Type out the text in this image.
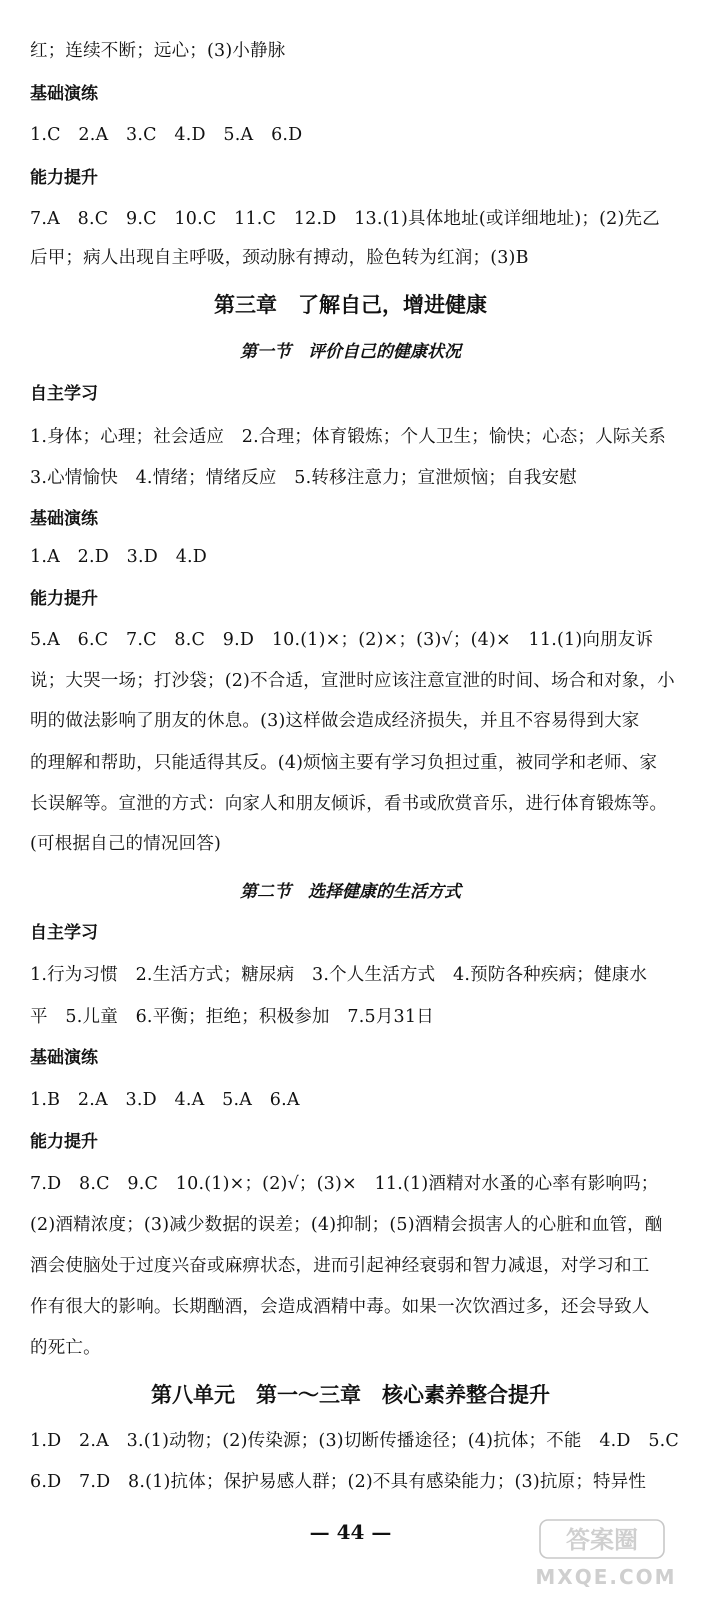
红；连续不断；远心；(3)小静脉
基础演练
1.C　2.A　3.C　4.D　5.A　6.D
能力提升
7.A　8.C　9.C　10.C　11.C　12.D　13.(1)具体地址(或详细地址)；(2)先乙
后甲；病人出现自主呼吸，颈动脉有搏动，脸色转为红润；(3)B
第三章　了解自己，增进健康
第一节　评价自己的健康状况
自主学习
1.身体；心理；社会适应　2.合理；体育锻炼；个人卫生；愉快；心态；人际关系
3.心情愉快　4.情绪；情绪反应　5.转移注意力；宣泄烦恼；自我安慰
基础演练
1.A　2.D　3.D　4.D
能力提升
5.A　6.C　7.C　8.C　9.D　10.(1)×；(2)×；(3)√；(4)×　11.(1)向朋友诉
说；大哭一场；打沙袋；(2)不合适，宣泄时应该注意宣泄的时间、场合和对象，小
明的做法影响了朋友的休息。(3)这样做会造成经济损失，并且不容易得到大家
的理解和帮助，只能适得其反。(4)烦恼主要有学习负担过重，被同学和老师、家
长误解等。宣泄的方式：向家人和朋友倾诉，看书或欣赏音乐，进行体育锻炼等。
(可根据自己的情况回答)
第二节　选择健康的生活方式
自主学习
1.行为习惯　2.生活方式；糖尿病　3.个人生活方式　4.预防各种疾病；健康水
平　5.儿童　6.平衡；拒绝；积极参加　7.5月31日
基础演练
1.B　2.A　3.D　4.A　5.A　6.A
能力提升
7.D　8.C　9.C　10.(1)×；(2)√；(3)×　11.(1)酒精对水蚤的心率有影响吗；
(2)酒精浓度；(3)减少数据的误差；(4)抑制；(5)酒精会损害人的心脏和血管，酗
酒会使脑处于过度兴奋或麻痹状态，进而引起神经衰弱和智力减退，对学习和工
作有很大的影响。长期酗酒，会造成酒精中毒。如果一次饮酒过多，还会导致人
的死亡。
第八单元　第一～三章　核心素养整合提升
1.D　2.A　3.(1)动物；(2)传染源；(3)切断传播途径；(4)抗体；不能　4.D　5.C
6.D　7.D　8.(1)抗体；保护易感人群；(2)不具有感染能力；(3)抗原；特异性
— 44 —	答案圈
MXQE.COM
